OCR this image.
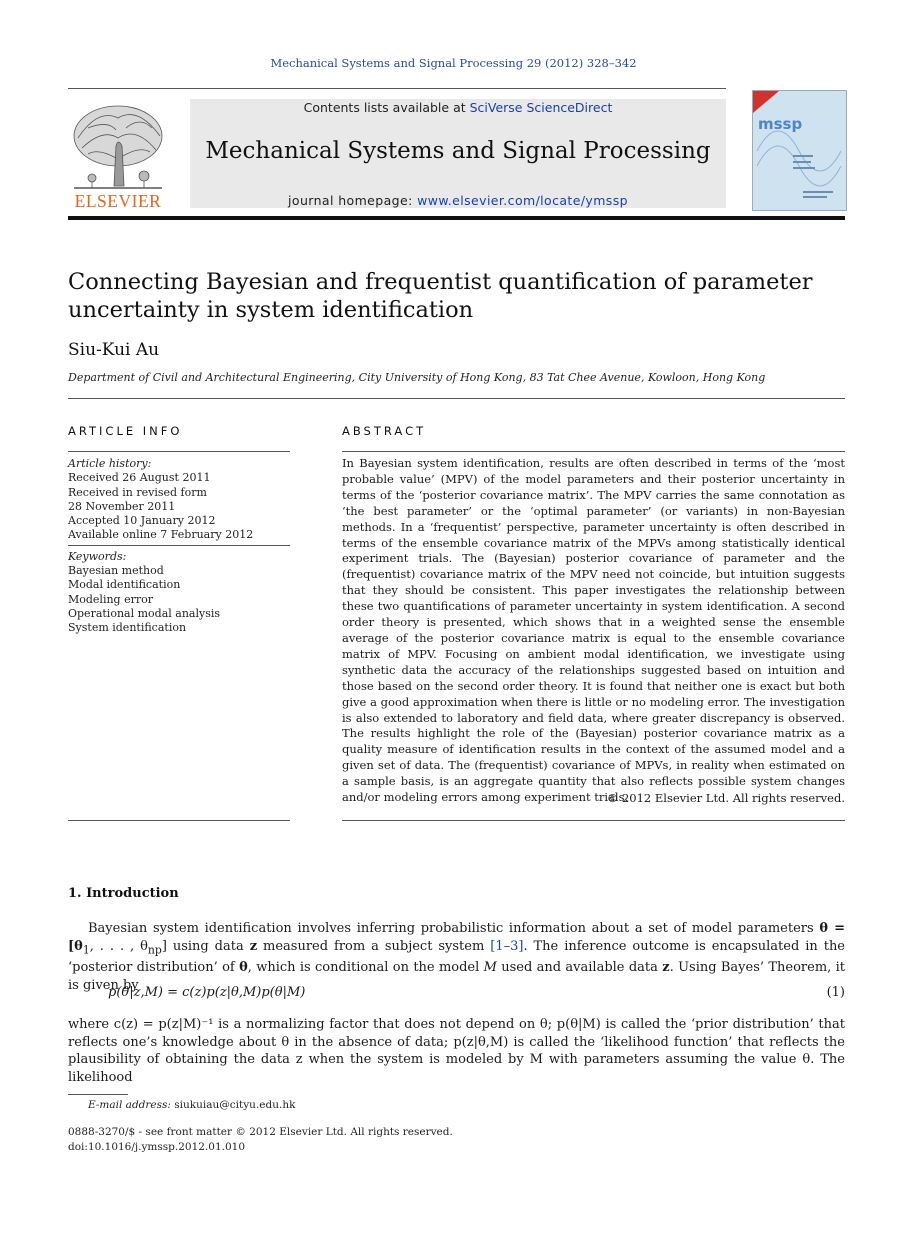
Mechanical Systems and Signal Processing 29 (2012) 328–342
ELSEVIER
Contents lists available at SciVerse ScienceDirect
Mechanical Systems and Signal Processing
journal homepage: www.elsevier.com/locate/ymssp
mssp
Connecting Bayesian and frequentist quantification of parameter uncertainty in system identification
Siu-Kui Au
Department of Civil and Architectural Engineering, City University of Hong Kong, 83 Tat Chee Avenue, Kowloon, Hong Kong
ARTICLE INFO	ABSTRACT
Article history:
Received 26 August 2011
Received in revised form
28 November 2011
Accepted 10 January 2012
Available online 7 February 2012
Keywords:
Bayesian method
Modal identification
Modeling error
Operational modal analysis
System identification
In Bayesian system identification, results are often described in terms of the ‘most probable value’ (MPV) of the model parameters and their posterior uncertainty in terms of the ‘posterior covariance matrix’. The MPV carries the same connotation as ‘the best parameter’ or the ‘optimal parameter’ (or variants) in non-Bayesian methods. In a ‘frequentist’ perspective, parameter uncertainty is often described in terms of the ensemble covariance matrix of the MPVs among statistically identical experiment trials. The (Bayesian) posterior covariance of parameter and the (frequentist) covariance matrix of the MPV need not coincide, but intuition suggests that they should be consistent. This paper investigates the relationship between these two quantifications of parameter uncertainty in system identification. A second order theory is presented, which shows that in a weighted sense the ensemble average of the posterior covariance matrix is equal to the ensemble covariance matrix of MPV. Focusing on ambient modal identification, we investigate using synthetic data the accuracy of the relationships suggested based on intuition and those based on the second order theory. It is found that neither one is exact but both give a good approximation when there is little or no modeling error. The investigation is also extended to laboratory and field data, where greater discrepancy is observed. The results highlight the role of the (Bayesian) posterior covariance matrix as a quality measure of identification results in the context of the assumed model and a given set of data. The (frequentist) covariance of MPVs, in reality when estimated on a sample basis, is an aggregate quantity that also reflects possible system changes and/or modeling errors among experiment trials.
© 2012 Elsevier Ltd. All rights reserved.
1. Introduction
Bayesian system identification involves inferring probabilistic information about a set of model parameters $\theta = [\theta_1$, . . . , $\theta_{np}$] using data z measured from a subject system [1–3]. The inference outcome is encapsulated in the ‘posterior distribution’ of θ, which is conditional on the model M used and available data z. Using Bayes’ Theorem, it is given by
p(θ|z,M) = c(z)p(z|θ,M)p(θ|M)	(1)
where c(z) = p(z|M)⁻¹ is a normalizing factor that does not depend on θ; p(θ|M) is called the ‘prior distribution’ that reflects one’s knowledge about θ in the absence of data; p(z|θ,M) is called the ‘likelihood function’ that reflects the plausibility of obtaining the data z when the system is modeled by M with parameters assuming the value θ. The likelihood
E-mail address: siukuiau@cityu.edu.hk
0888-3270/$ - see front matter © 2012 Elsevier Ltd. All rights reserved.
doi:10.1016/j.ymssp.2012.01.010
